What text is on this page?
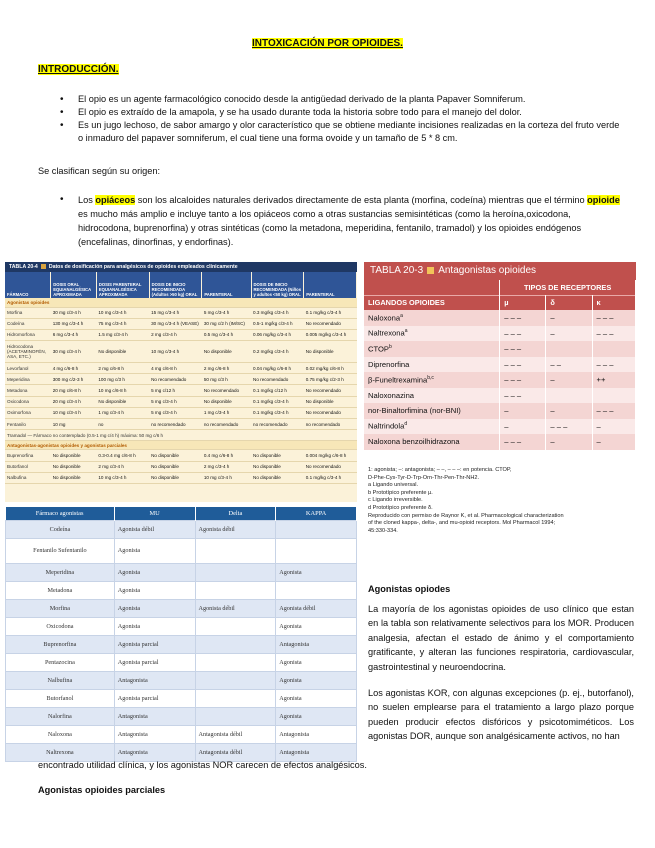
INTOXICACIÓN POR OPIOIDES.
INTRODUCCIÓN.
• El opio es un agente farmacológico conocido desde la antigüedad derivado de la planta Papaver Somniferum.
• El opio es extraído de la amapola, y se ha usado durante toda la historia sobre todo para el manejo del dolor.
• Es un jugo lechoso, de sabor amargo y olor característico que se obtiene mediante incisiones realizadas en la corteza del fruto verde o inmaduro del papaver somniferum, el cual tiene una forma ovoide y un tamaño de 5 * 8 cm.
Se clasifican según su origen:
• Los opiáceos son los alcaloides naturales derivados directamente de esta planta (morfina, codeína) mientras que el término opioide es mucho más amplio e incluye tanto a los opiáceos como a otras sustancias semisintéticas (como la heroína,oxicodona, hidrocodona, buprenorfina) y otras sintéticas (como la metadona, meperidina, fentanilo, tramadol) y los opioides endógenos (encefalinas, dinorfinas, y endorfinas).
TABLA 20-4 Datos de dosificación para analgésicos de opioides empleados clínicamente
FÁRMACO	DOSIS ORAL EQUIANALGÉSICA APROXIMADA	DOSIS PARENTERAL EQUIANALGÉSICA APROXIMADA	DOSIS DE INICIO RECOMENDADA (Adultos >50 kg) ORAL	PARENTERAL	DOSIS DE INICIO RECOMENDADA (Niños y adultos <50 kg) ORAL	PARENTERAL
Agonistas opioides						
Morfina	30 mg c/3-4 h	10 mg c/3-4 h	15 mg c/3-4 h	5 mg c/3-4 h	0.3 mg/kg c/3-4 h	0.1 mg/kg c/3-4 h
Codeína	130 mg c/3-4 h	75 mg c/3-4 h	30 mg c/3-4 h (VEASE)	30 mg c/2 h (IM/SC)	0.5-1 mg/kg c/3-4 h	No recomendado
Hidromorfona	6 mg c/3-4 h	1.5 mg c/3-4 h	2 mg c/3-4 h	0.5 mg c/3-4 h	0.06 mg/kg c/3-4 h	0.005 mg/kg c/3-4 h
Hidrocodona (ACETAMINOFÉN, ASA, ETC.)	30 mg c/3-4 h	No disponible	10 mg c/3-4 h	No disponible	0.2 mg/kg c/3-4 h	No disponible
Levorfanol	4 mg c/6-8 h	2 mg c/6-8 h	4 mg c/6-8 h	2 mg c/6-8 h	0.04 mg/kg c/6-8 h	0.02 mg/kg c/6-8 h
Meperidina	300 mg c/2-3 h	100 mg c/3 h	No recomendado	50 mg c/3 h	No recomendado	0.75 mg/kg c/2-3 h
Metadona	20 mg c/6-8 h	10 mg c/6-8 h	5 mg c/12 h	No recomendado	0.1 mg/kg c/12 h	No recomendado
Oxicodona	20 mg c/3-4 h	No disponible	5 mg c/3-4 h	No disponible	0.1 mg/kg c/3-4 h	No disponible
Oximorfona	10 mg c/3-4 h	1 mg c/3-4 h	5 mg c/3-4 h	1 mg c/3-4 h	0.1 mg/kg c/3-4 h	No recomendado
Fentanilo	10 mg	no	no recomendado	no recomendado	no recomendado	no recomendado
Tramadol — Fármaco no contemplado (0.5-1 mg c/4 h) máxima: 50 mg c/6 h						
Antagonistas-agonistas opioides y agonistas parciales						
Buprenorfina	No disponible	0.3-0.4 mg c/6-8 h	No disponible	0.4 mg c/6-8 h	No disponible	0.004 mg/kg c/6-8 h
Butorfanol	No disponible	2 mg c/3-4 h	No disponible	2 mg c/3-4 h	No disponible	No recomendado
Nalbufina	No disponible	10 mg c/3-4 h	No disponible	10 mg c/3-4 h	No disponible	0.1 mg/kg c/3-4 h
TABLA 20-3 Antagonistas opioides
	TIPOS DE RECEPTORES		
LIGANDOS OPIOIDES	µ	δ	κ
Naloxona$^a$	– – –	–	– – –
Naltrexona$^a$	– – –	–	– – –
CTOP$^b$	– – –		
Diprenorfina	– – –	– –	– – –
β-Funeltrexamina$^{b,c}$	– – –	–	++
Naloxonazina	– – –		
nor-Binaltorfimina (nor-BNI)	–	–	– – –
Naltrindola$^d$	–	– – –	–
Naloxona benzoilhidrazona	– – –	–	–
1: agonista; –: antagonista; – –, – – –: en potencia. CTOP,
D-Phe-Cys-Tyr-D-Trp-Orn-Thr-Pen-Thr-NH2.
a Ligando universal.
b Prototípico preferente µ.
c Ligando irreversible.
d Prototípico preferente δ.
Reproducido con permiso de Raynor K, et al. Pharmacological characterization
of the cloned kappa-, delta-, and mu-opioid receptors. Mol Pharmacol 1994;
45:330-334.
Fármaco agonistas	MU	Delta	KAPPA
Codeína	Agonista débil	Agonista débil	
Fentanilo Sufentanilo	Agonista		
Meperidina	Agonista		Agonista
Metadona	Agonista		
Morfina	Agonista	Agonista débil	Agonista débil
Oxicodona	Agonista		Agonista
Buprenorfina	Agonista parcial		Antagonista
Pentazocina	Agonista parcial		Agonista
Nalbufina	Antagonista		Agonista
Butorfanol	Agonista parcial		Agonista
Nalorfina	Antagonista		Agonista
Naloxona	Antagonista	Antagonista débil	Antagonista
Naltrexona	Antagonista	Antagonista débil	Antagonista
Agonistas opiodes
La mayoría de los agonistas opioides de uso clínico que estan en la tabla son relativamente selectivos para los MOR. Producen analgesia, afectan el estado de ánimo y el comportamiento gratificante, y alteran las funciones respiratoria, cardiovascular, gastrointestinal y neuroendocrina.
Los agonistas KOR, con algunas excepciones (p. ej., butorfanol), no suelen emplearse para el tratamiento a largo plazo porque pueden producir efectos disfóricos y psicotomiméticos. Los agonistas DOR, aunque son analgésicamente activos, no han
encontrado utilidad clínica, y los agonistas NOR carecen de efectos analgésicos.
Agonistas opioides parciales
